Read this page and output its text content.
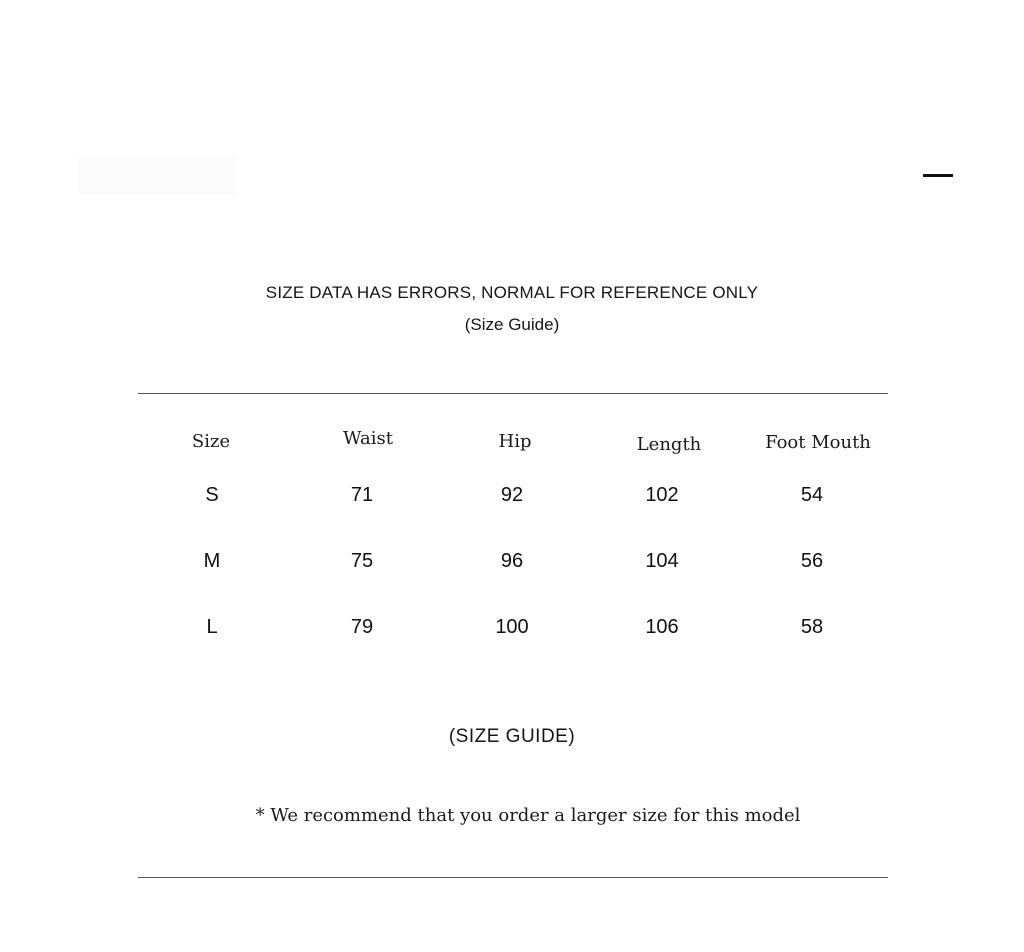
SIZE DATA HAS ERRORS, NORMAL FOR REFERENCE ONLY
(Size Guide)
Size	Waist	Hip	Length	Foot Mouth
S	71	92	102	54
M	75	96	104	56
L	79	100	106	58
(SIZE GUIDE)
* We recommend that you order a larger size for this model
